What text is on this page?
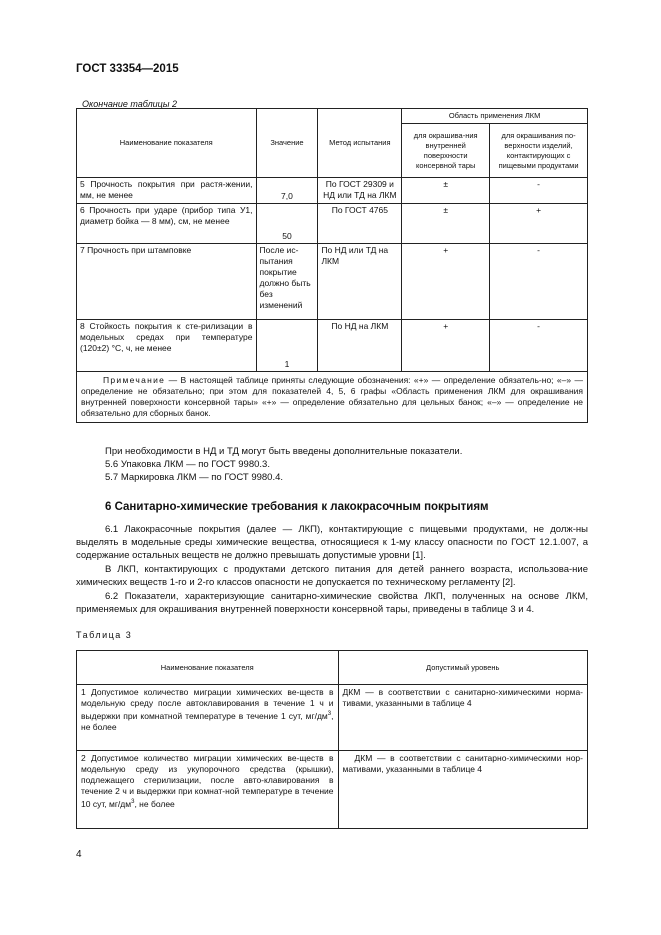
ГОСТ 33354—2015
Окончание таблицы 2
Наименование показателя	Значение	Метод испытания	Область применения ЛКМ	
			для окрашива-ния внутренней поверхности консервной тары	для окрашивания по-верхности изделий, контактирующих с пищевыми продуктами
5 Прочность покрытия при растя-жении, мм, не менее	7,0	По ГОСТ 29309 и НД или ТД на ЛКМ	±	-
6 Прочность при ударе (прибор типа У1, диаметр бойка — 8 мм), см, не менее	50	По ГОСТ 4765	±	+
7 Прочность при штамповке	После ис-пытания покрытие должно быть без изменений	По НД или ТД на ЛКМ	+	-
8 Стойкость покрытия к сте-рилизации в модельных средах при температуре (120±2) °С, ч, не менее	1	По НД на ЛКМ	+	-
Примечание — В настоящей таблице приняты следующие обозначения: «+» — определение обязатель-но; «–» — определение не обязательно; при этом для показателей 4, 5, 6 графы «Область применения ЛКМ для окрашивания внутренней поверхности консервной тары» «+» — определение обязательно для цельных банок; «–» — определение не обязательно для сборных банок.				
При необходимости в НД и ТД могут быть введены дополнительные показатели.
5.6 Упаковка ЛКМ — по ГОСТ 9980.3.
5.7 Маркировка ЛКМ — по ГОСТ 9980.4.
6 Санитарно-химические требования к лакокрасочным покрытиям
6.1 Лакокрасочные покрытия (далее — ЛКП), контактирующие с пищевыми продуктами, не долж-ны выделять в модельные среды химические вещества, относящиеся к 1-му классу опасности по ГОСТ 12.1.007, а содержание остальных веществ не должно превышать допустимые уровни [1].
В ЛКП, контактирующих с продуктами детского питания для детей раннего возраста, использова-ние химических веществ 1-го и 2-го классов опасности не допускается по техническому регламенту [2].
6.2 Показатели, характеризующие санитарно-химические свойства ЛКП, полученных на основе ЛКМ, применяемых для окрашивания внутренней поверхности консервной тары, приведены в таблице 3 и 4.
Таблица 3
Наименование показателя	Допустимый уровень
1 Допустимое количество миграции химических ве-ществ в модельную среду после автоклавирования в течение 1 ч и выдержки при комнатной температуре в течение 1 сут, $мг/дм^3$, не более	ДКМ — в соответствии с санитарно-химическими норма-тивами, указанными в таблице 4
2 Допустимое количество миграции химических ве-ществ в модельную среду из укупорочного средства (крышки), подлежащего стерилизации, после авто-клавирования в течение 2 ч и выдержки при комнат-ной температуре в течение 10 сут, $мг/дм^3$, не более	ДКМ — в соответствии с санитарно-химическими нор-мативами, указанными в таблице 4
4
